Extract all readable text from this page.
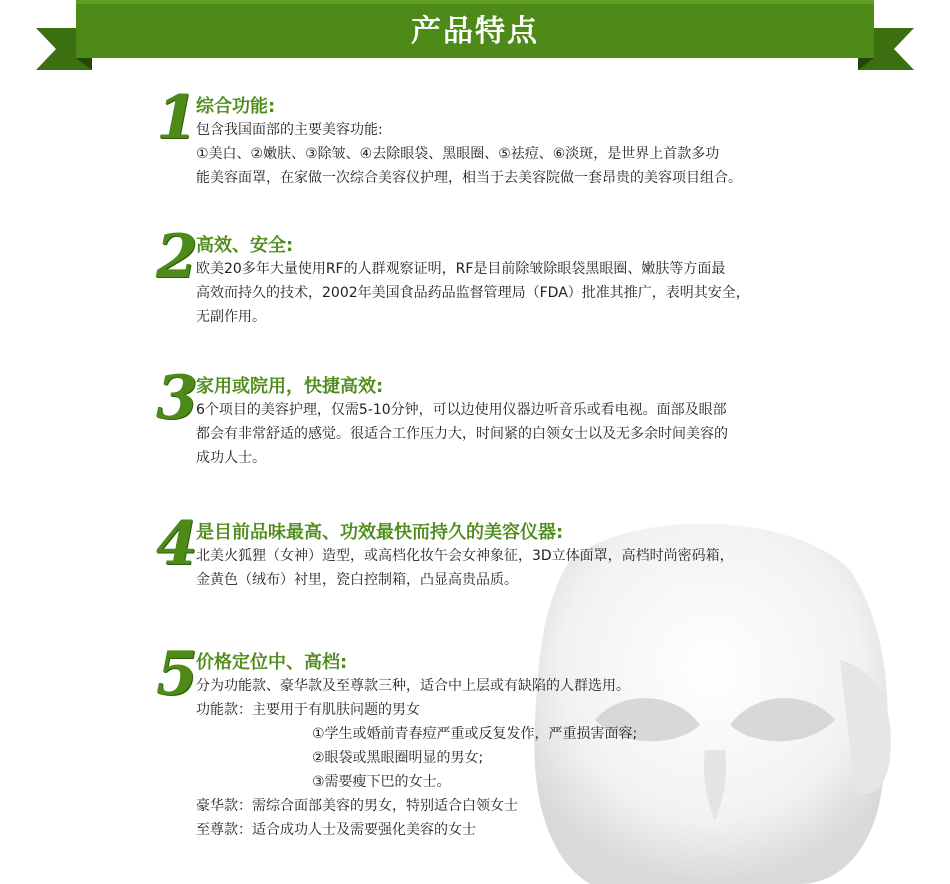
产品特点
1
综合功能:
包含我国面部的主要美容功能:
①美白、②嫩肤、③除皱、④去除眼袋、黑眼圈、⑤祛痘、⑥淡斑，是世界上首款多功
能美容面罩，在家做一次综合美容仪护理，相当于去美容院做一套昂贵的美容项目组合。
2
高效、安全:
欧美20多年大量使用RF的人群观察证明，RF是目前除皱除眼袋黑眼圈、嫩肤等方面最
高效而持久的技术，2002年美国食品药品监督管理局（FDA）批准其推广，表明其安全，
无副作用。
3
家用或院用，快捷高效:
6个项目的美容护理，仅需5-10分钟，可以边使用仪器边听音乐或看电视。面部及眼部
都会有非常舒适的感觉。很适合工作压力大，时间紧的白领女士以及无多余时间美容的
成功人士。
4
是目前品味最高、功效最快而持久的美容仪器:
北美火狐狸（女神）造型，或高档化妆午会女神象征，3D立体面罩，高档时尚密码箱，
金黄色（绒布）衬里，瓷白控制箱，凸显高贵品质。
5
价格定位中、高档:
分为功能款、豪华款及至尊款三种，适合中上层或有缺陷的人群选用。
功能款：主要用于有肌肤问题的男女
①学生或婚前青春痘严重或反复发作，严重损害面容;
②眼袋或黑眼圈明显的男女;
③需要瘦下巴的女士。
豪华款：需综合面部美容的男女，特别适合白领女士
至尊款：适合成功人士及需要强化美容的女士
